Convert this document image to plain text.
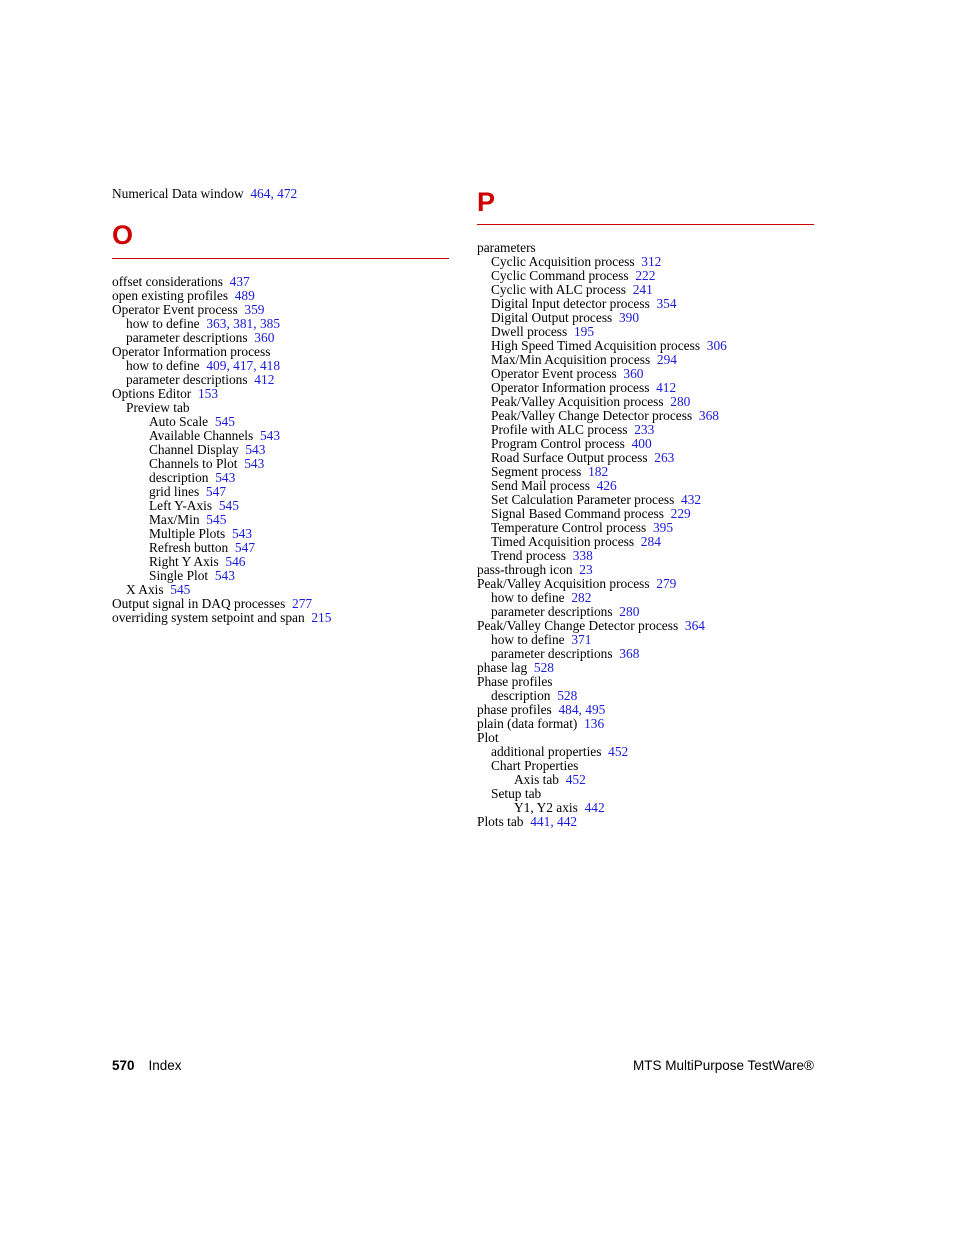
Numerical Data window 464, 472
O
offset considerations 437
open existing profiles 489
Operator Event process 359
how to define 363, 381, 385
parameter descriptions 360
Operator Information process
how to define 409, 417, 418
parameter descriptions 412
Options Editor 153
Preview tab
Auto Scale 545
Available Channels 543
Channel Display 543
Channels to Plot 543
description 543
grid lines 547
Left Y-Axis 545
Max/Min 545
Multiple Plots 543
Refresh button 547
Right Y Axis 546
Single Plot 543
X Axis 545
Output signal in DAQ processes 277
overriding system setpoint and span 215
P
parameters
Cyclic Acquisition process 312
Cyclic Command process 222
Cyclic with ALC process 241
Digital Input detector process 354
Digital Output process 390
Dwell process 195
High Speed Timed Acquisition process 306
Max/Min Acquisition process 294
Operator Event process 360
Operator Information process 412
Peak/Valley Acquisition process 280
Peak/Valley Change Detector process 368
Profile with ALC process 233
Program Control process 400
Road Surface Output process 263
Segment process 182
Send Mail process 426
Set Calculation Parameter process 432
Signal Based Command process 229
Temperature Control process 395
Timed Acquisition process 284
Trend process 338
pass-through icon 23
Peak/Valley Acquisition process 279
how to define 282
parameter descriptions 280
Peak/Valley Change Detector process 364
how to define 371
parameter descriptions 368
phase lag 528
Phase profiles
description 528
phase profiles 484, 495
plain (data format) 136
Plot
additional properties 452
Chart Properties
Axis tab 452
Setup tab
Y1, Y2 axis 442
Plots tab 441, 442
570 Index	MTS MultiPurpose TestWare®
